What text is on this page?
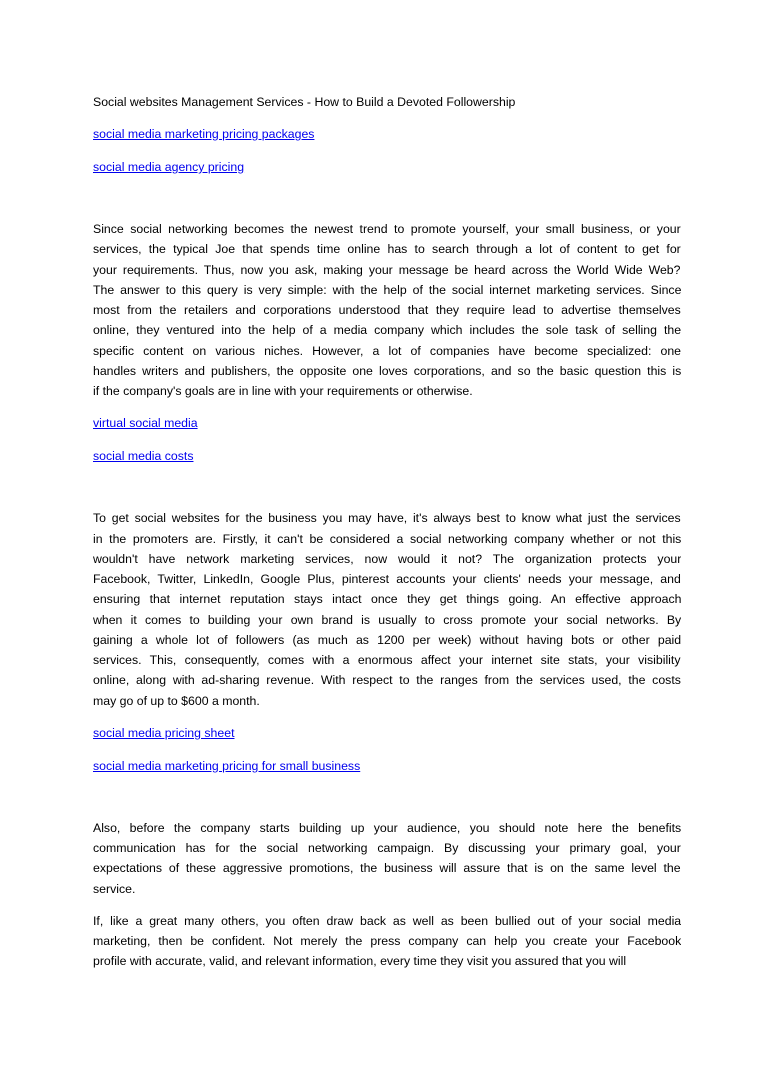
Social websites Management Services - How to Build a Devoted Followership
social media marketing pricing packages
social media agency pricing
Since social networking becomes the newest trend to promote yourself, your small business, or your
services, the typical Joe that spends time online has to search through a lot of content to get for
your requirements. Thus, now you ask, making your message be heard across the World Wide Web?
The answer to this query is very simple: with the help of the social internet marketing services. Since
most from the retailers and corporations understood that they require lead to advertise themselves
online, they ventured into the help of a media company which includes the sole task of selling the
specific content on various niches. However, a lot of companies have become specialized: one
handles writers and publishers, the opposite one loves corporations, and so the basic question this is
if the company's goals are in line with your requirements or otherwise.
virtual social media
social media costs
To get social websites for the business you may have, it's always best to know what just the services
in the promoters are. Firstly, it can't be considered a social networking company whether or not this
wouldn't have network marketing services, now would it not? The organization protects your
Facebook, Twitter, LinkedIn, Google Plus, pinterest accounts your clients' needs your message, and
ensuring that internet reputation stays intact once they get things going. An effective approach
when it comes to building your own brand is usually to cross promote your social networks. By
gaining a whole lot of followers (as much as 1200 per week) without having bots or other paid
services. This, consequently, comes with a enormous affect your internet site stats, your visibility
online, along with ad-sharing revenue. With respect to the ranges from the services used, the costs
may go of up to $600 a month.
social media pricing sheet
social media marketing pricing for small business
Also, before the company starts building up your audience, you should note here the benefits
communication has for the social networking campaign. By discussing your primary goal, your
expectations of these aggressive promotions, the business will assure that is on the same level the
service.
If, like a great many others, you often draw back as well as been bullied out of your social media
marketing, then be confident. Not merely the press company can help you create your Facebook
profile with accurate, valid, and relevant information, every time they visit you assured that you will
